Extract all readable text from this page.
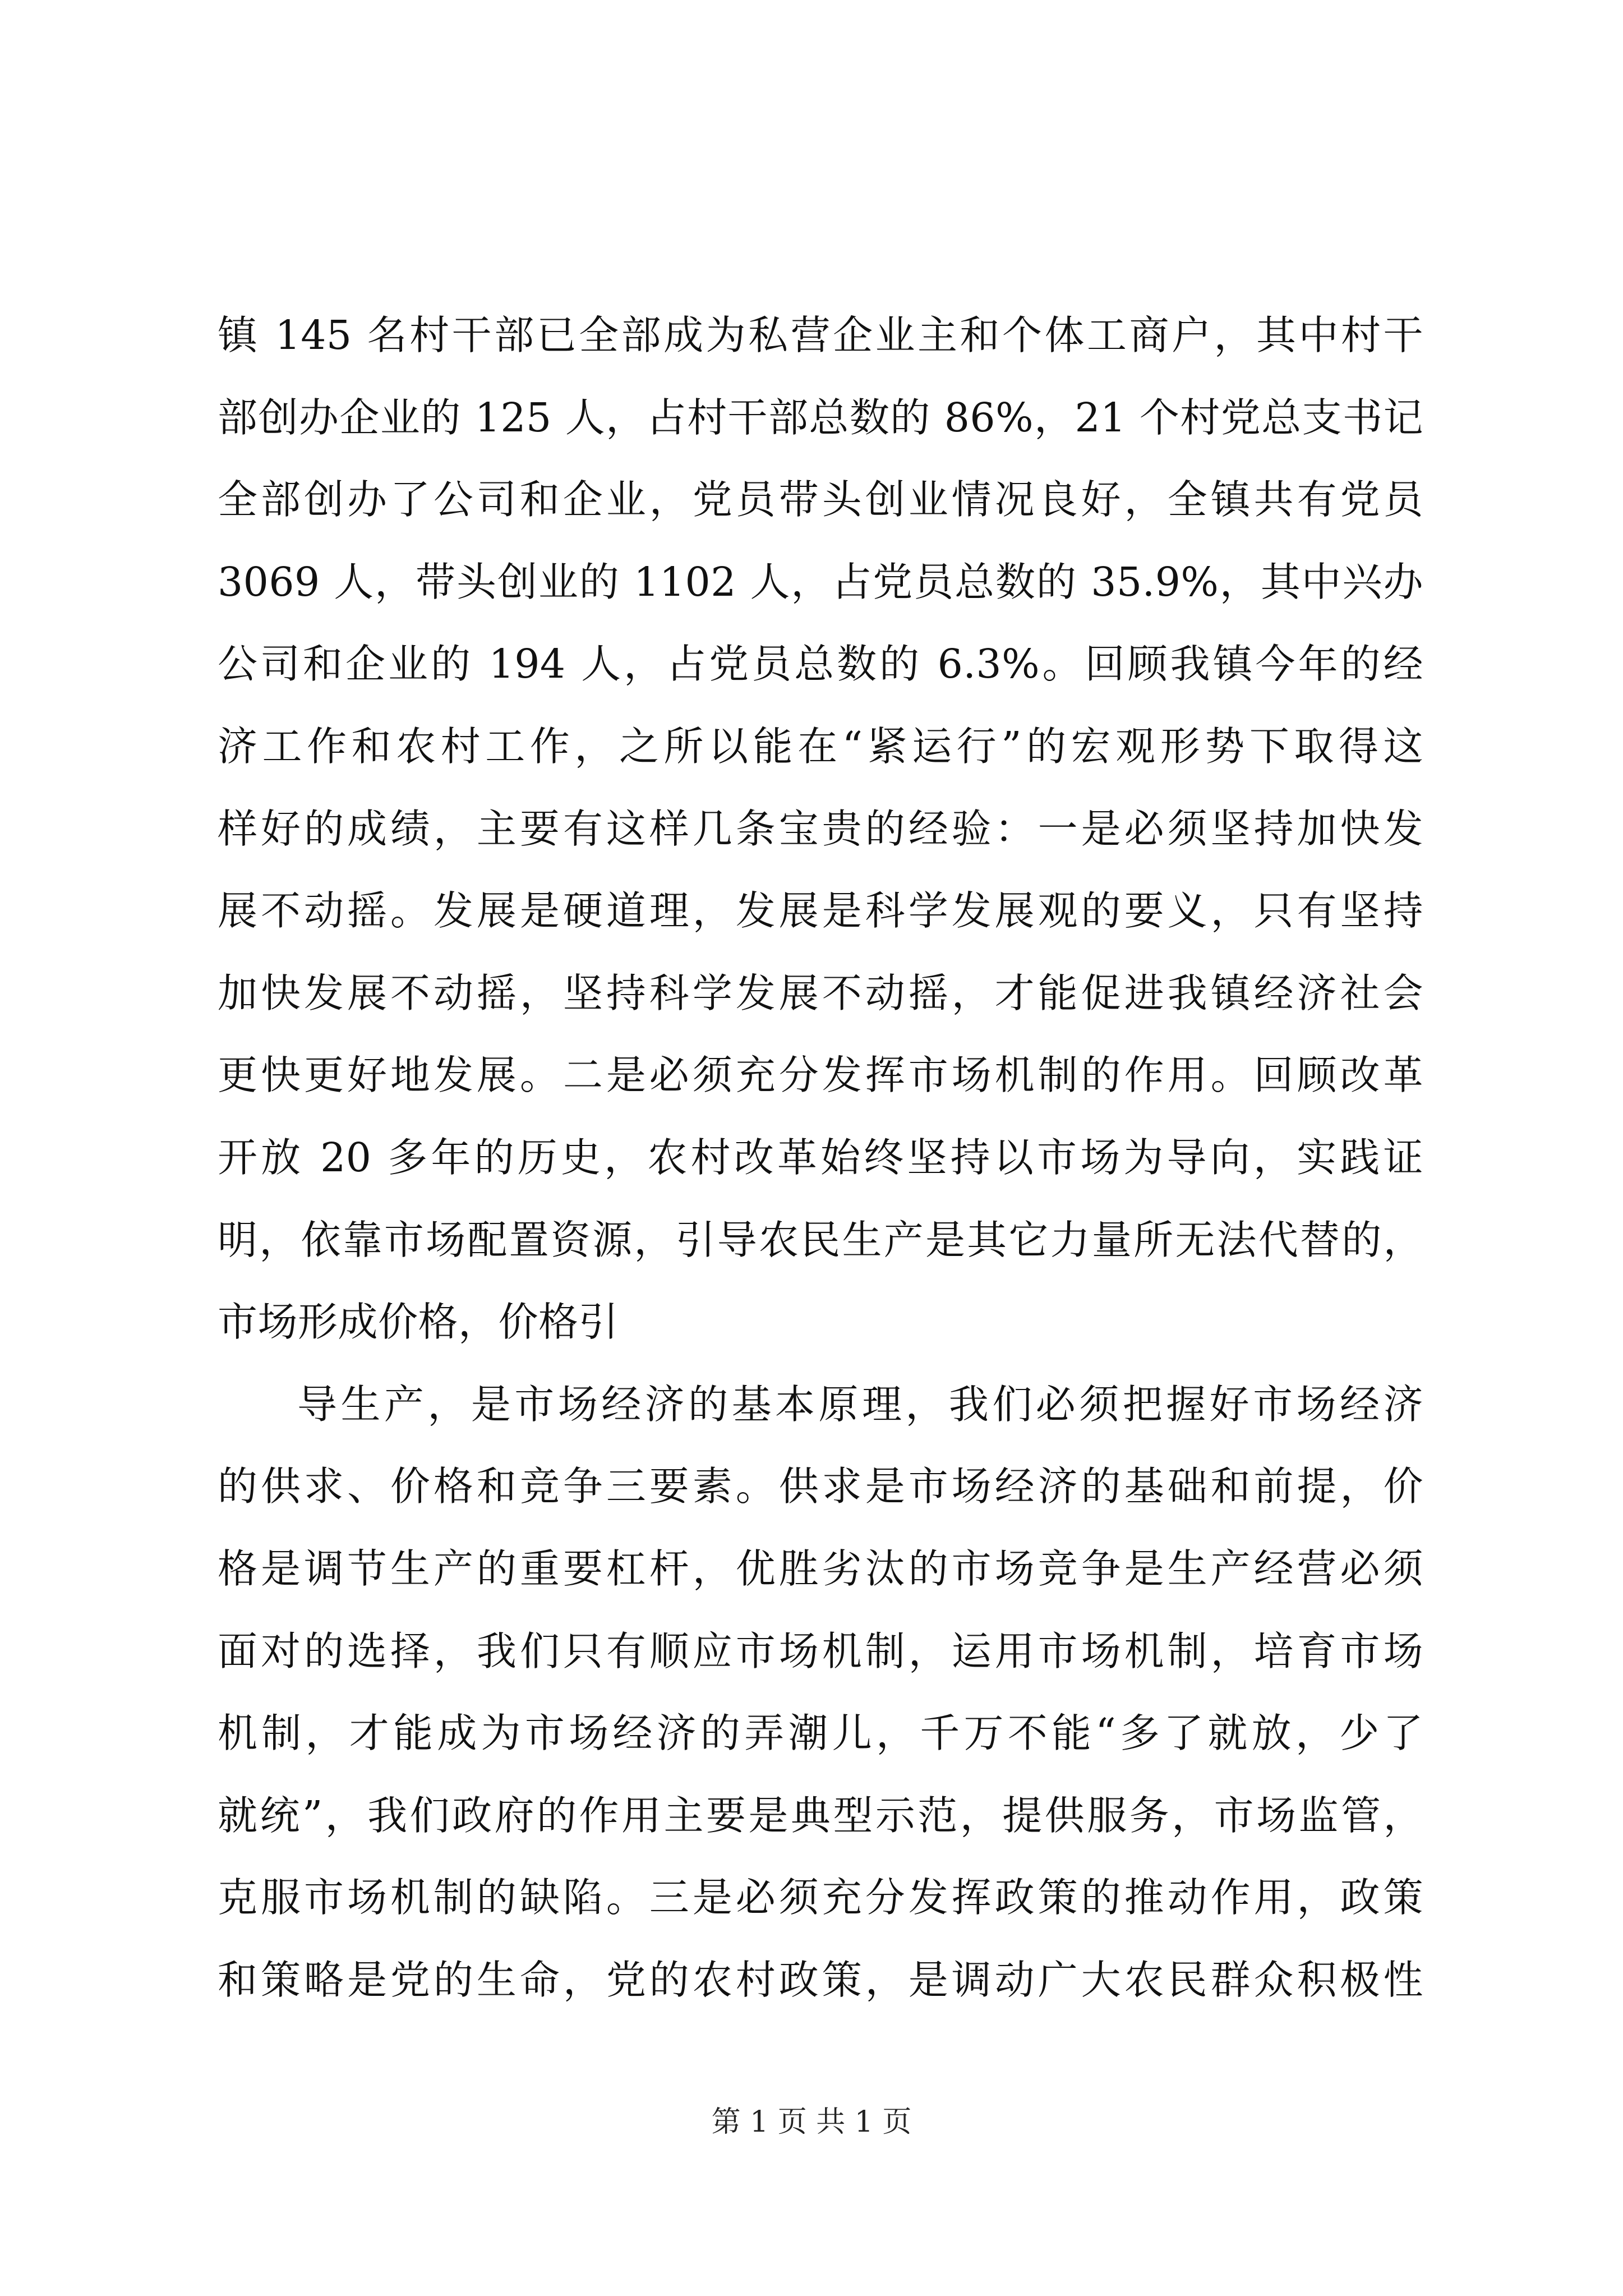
镇 145 名村干部已全部成为私营企业主和个体工商户，其中村干
部创办企业的 125 人，占村干部总数的 86%，21 个村党总支书记
全部创办了公司和企业，党员带头创业情况良好，全镇共有党员
3069 人，带头创业的 1102 人，占党员总数的 35.9%，其中兴办
公司和企业的 194 人，占党员总数的 6.3%。回顾我镇今年的经
济工作和农村工作，之所以能在“紧运行”的宏观形势下取得这
样好的成绩，主要有这样几条宝贵的经验：一是必须坚持加快发
展不动摇。发展是硬道理，发展是科学发展观的要义，只有坚持
加快发展不动摇，坚持科学发展不动摇，才能促进我镇经济社会
更快更好地发展。二是必须充分发挥市场机制的作用。回顾改革
开放 20 多年的历史，农村改革始终坚持以市场为导向，实践证
明，依靠市场配置资源，引导农民生产是其它力量所无法代替的，
市场形成价格，价格引
导生产，是市场经济的基本原理，我们必须把握好市场经济
的供求、价格和竞争三要素。供求是市场经济的基础和前提，价
格是调节生产的重要杠杆，优胜劣汰的市场竞争是生产经营必须
面对的选择，我们只有顺应市场机制，运用市场机制，培育市场
机制，才能成为市场经济的弄潮儿，千万不能“多了就放，少了
就统”，我们政府的作用主要是典型示范，提供服务，市场监管，
克服市场机制的缺陷。三是必须充分发挥政策的推动作用，政策
和策略是党的生命，党的农村政策，是调动广大农民群众积极性
第 1 页 共 1 页
